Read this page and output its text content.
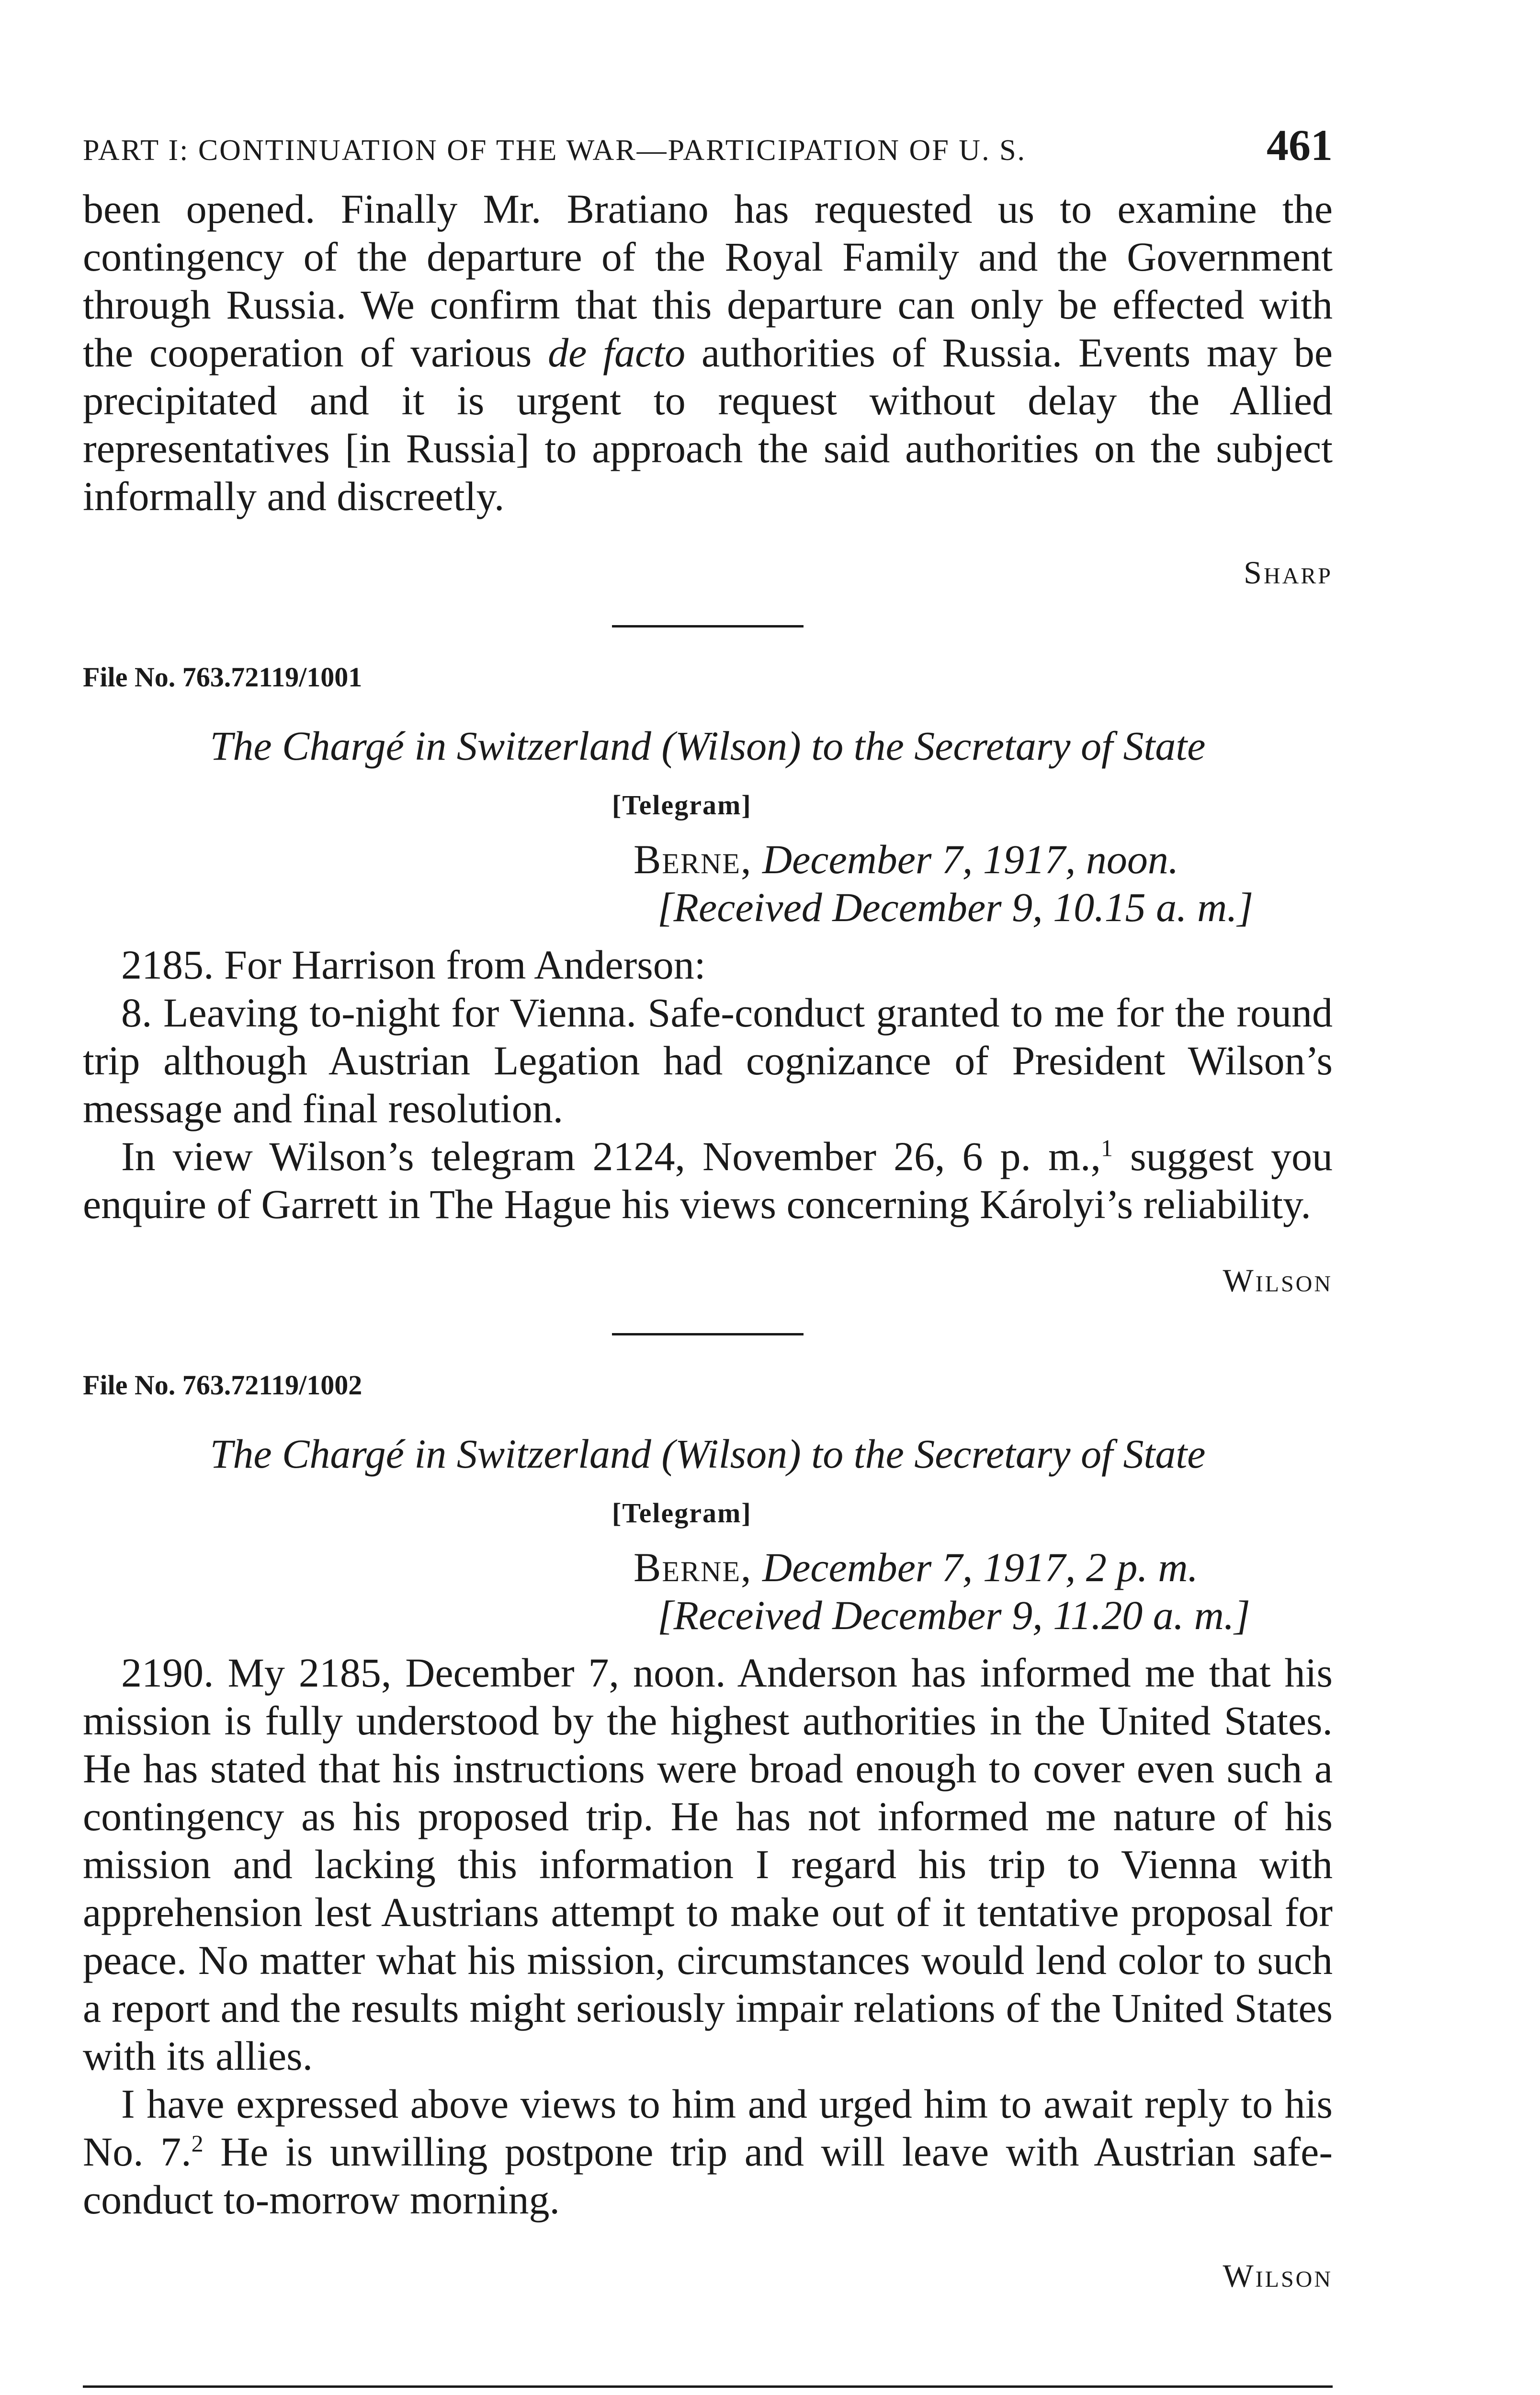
PART I: CONTINUATION OF THE WAR—PARTICIPATION OF U. S.	461

been opened. Finally Mr. Bratiano has requested us to examine the contingency of the departure of the Royal Family and the Government through Russia. We confirm that this departure can only be effected with the cooperation of various de facto authorities of Russia. Events may be precipitated and it is urgent to request without delay the Allied representatives [in Russia] to approach the said authorities on the subject informally and discreetly.

Sharp
File No. 763.72119/1001
The Chargé in Switzerland (Wilson) to the Secretary of State
[Telegram]
Berne, December 7, 1917, noon.
[Received December 9, 10.15 a. m.]

2185. For Harrison from Anderson:

8. Leaving to-night for Vienna. Safe-conduct granted to me for the round trip although Austrian Legation had cognizance of President Wilson’s message and final resolution.

In view Wilson’s telegram 2124, November 26, 6 p. m.,$^1$ suggest you enquire of Garrett in The Hague his views concerning Károlyi’s reliability.

Wilson
File No. 763.72119/1002
The Chargé in Switzerland (Wilson) to the Secretary of State
[Telegram]
Berne, December 7, 1917, 2 p. m.
[Received December 9, 11.20 a. m.]

2190. My 2185, December 7, noon. Anderson has informed me that his mission is fully understood by the highest authorities in the United States. He has stated that his instructions were broad enough to cover even such a contingency as his proposed trip. He has not informed me nature of his mission and lacking this information I regard his trip to Vienna with apprehension lest Austrians attempt to make out of it tentative proposal for peace. No matter what his mission, circumstances would lend color to such a report and the results might seriously impair relations of the United States with its allies.

I have expressed above views to him and urged him to await reply to his No. 7.$^2$ He is unwilling postpone trip and will leave with Austrian safe-conduct to-morrow morning.

Wilson
